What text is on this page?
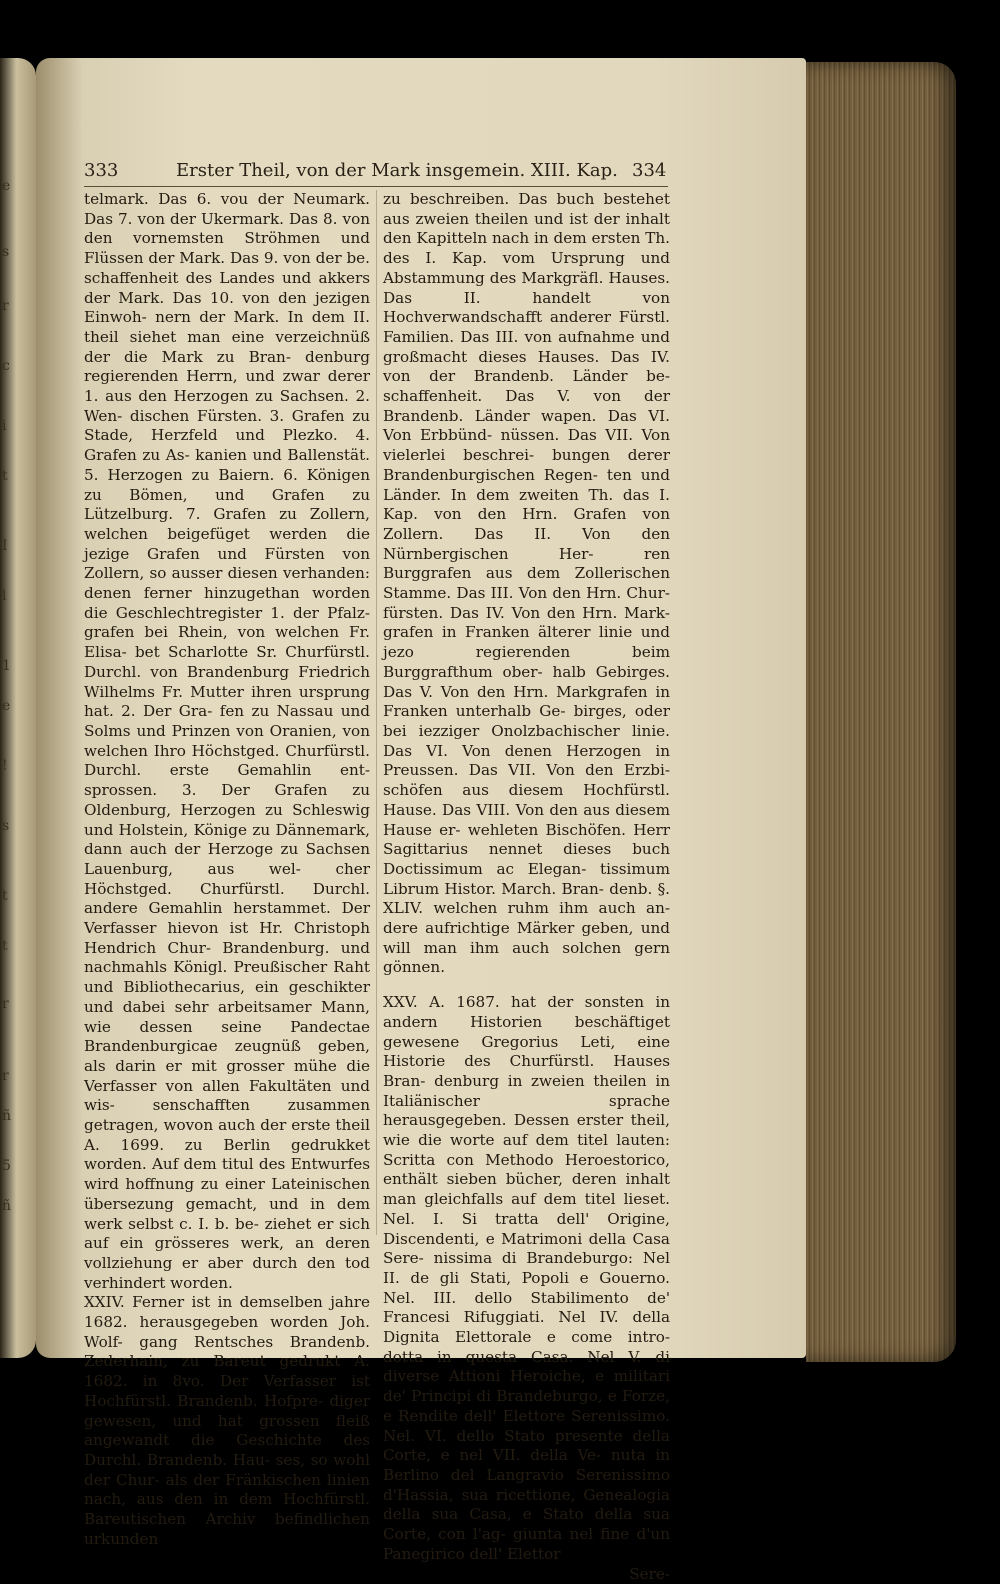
e
s
r
c
i
t
I
l
1
e
!
s
t
t
r
r
ñ
5
ñ
333	Erster Theil, von der Mark insgemein. XIII. Kap. 334

telmark. Das 6. vou der Neumark. Das 7. von der Ukermark. Das 8. von den vornemsten Ströhmen und Flüssen der Mark. Das 9. von der be. schaffenheit des Landes und akkers der Mark. Das 10. von den jezigen Einwoh- nern der Mark. In dem II. theil siehet man eine verzeichnüß der die Mark zu Bran- denburg regierenden Herrn, und zwar derer 1. aus den Herzogen zu Sachsen. 2. Wen- dischen Fürsten. 3. Grafen zu Stade, Herzfeld und Plezko. 4. Grafen zu As- kanien und Ballenstät. 5. Herzogen zu Baiern. 6. Königen zu Bömen, und Grafen zu Lützelburg. 7. Grafen zu Zollern, welchen beigefüget werden die jezige Grafen und Fürsten von Zollern, so ausser diesen verhanden: denen ferner hinzugethan worden die Geschlechtregister 1. der Pfalz- grafen bei Rhein, von welchen Fr. Elisa- bet Scharlotte Sr. Churfürstl. Durchl. von Brandenburg Friedrich Wilhelms Fr. Mutter ihren ursprung hat. 2. Der Gra- fen zu Nassau und Solms und Prinzen von Oranien, von welchen Ihro Höchstged. Churfürstl. Durchl. erste Gemahlin ent- sprossen. 3. Der Grafen zu Oldenburg, Herzogen zu Schleswig und Holstein, Könige zu Dännemark, dann auch der Herzoge zu Sachsen Lauenburg, aus wel- cher Höchstged. Churfürstl. Durchl. andere Gemahlin herstammet. Der Verfasser hievon ist Hr. Christoph Hendrich Chur- Brandenburg. und nachmahls Königl. Preußischer Raht und Bibliothecarius, ein geschikter und dabei sehr arbeitsamer Mann, wie dessen seine Pandectae Brandenburgicae zeugnüß geben, als darin er mit grosser mühe die Verfasser von allen Fakultäten und wis- senschafften zusammen getragen, wovon auch der erste theil A. 1699. zu Berlin gedrukket worden. Auf dem titul des Entwurfes wird hoffnung zu einer Lateinischen übersezung gemacht, und in dem werk selbst c. I. b. be- ziehet er sich auf ein grösseres werk, an deren vollziehung er aber durch den tod verhindert worden.

XXIV. Ferner ist in demselben jahre 1682. herausgegeben worden Joh. Wolf- gang Rentsches Brandenb. Zederhain, zu Bareut gedrukt A. 1682. in 8vo. Der Verfasser ist Hochfürstl. Brandenb. Hofpre- diger gewesen, und hat grossen fleiß angewandt die Geschichte des Durchl. Brandenb. Hau- ses, so wohl der Chur- als der Fränkischen linien nach, aus den in dem Hochfürstl. Bareutischen Archiv befindlichen urkunden

zu beschreiben. Das buch bestehet aus zweien theilen und ist der inhalt den Kapitteln nach in dem ersten Th. des I. Kap. vom Ursprung und Abstammung des Markgräfl. Hauses. Das II. handelt von Hochverwandschafft anderer Fürstl. Familien. Das III. von aufnahme und großmacht dieses Hauses. Das IV. von der Brandenb. Länder be- schaffenheit. Das V. von der Brandenb. Länder wapen. Das VI. Von Erbbünd- nüssen. Das VII. Von vielerlei beschrei- bungen derer Brandenburgischen Regen- ten und Länder. In dem zweiten Th. das I. Kap. von den Hrn. Grafen von Zollern. Das II. Von den Nürnbergischen Her- ren Burggrafen aus dem Zollerischen Stamme. Das III. Von den Hrn. Chur- fürsten. Das IV. Von den Hrn. Mark- grafen in Franken älterer linie und jezo regierenden beim Burggrafthum ober- halb Gebirges. Das V. Von den Hrn. Markgrafen in Franken unterhalb Ge- birges, oder bei iezziger Onolzbachischer linie. Das VI. Von denen Herzogen in Preussen. Das VII. Von den Erzbi- schöfen aus diesem Hochfürstl. Hause. Das VIII. Von den aus diesem Hause er- wehleten Bischöfen. Herr Sagittarius nennet dieses buch Doctissimum ac Elegan- tissimum Librum Histor. March. Bran- denb. §. XLIV. welchen ruhm ihm auch an- dere aufrichtige Märker geben, und will man ihm auch solchen gern gönnen.

XXV. A. 1687. hat der sonsten in andern Historien beschäftiget gewesene Gregorius Leti, eine Historie des Churfürstl. Hauses Bran- denburg in zweien theilen in Italiänischer sprache herausgegeben. Dessen erster theil, wie die worte auf dem titel lauten: Scritta con Methodo Heroestorico, enthält sieben bücher, deren inhalt man gleichfalls auf dem titel lieset. Nel. I. Si tratta dell' Origine, Discendenti, e Matrimoni della Casa Sere- nissima di Brandeburgo: Nel II. de gli Stati, Popoli e Gouerno. Nel. III. dello Stabilimento de' Francesi Rifuggiati. Nel IV. della Dignita Elettorale e come intro- dotta in questa Casa. Nel V. di diverse Attioni Heroiche, e militari de' Principi di Brandeburgo, e Forze, e Rendite dell' Elettore Serenissimo. Nel. VI. dello Stato presente della Corte, e nel VII. della Ve- nuta in Berlino del Langravio Serenissimo d'Hassia, sua ricettione, Genealogia della sua Casa, e Stato della sua Corte, con l'ag- giunta nel fine d'un Panegirico dell' Elettor

Sere-
